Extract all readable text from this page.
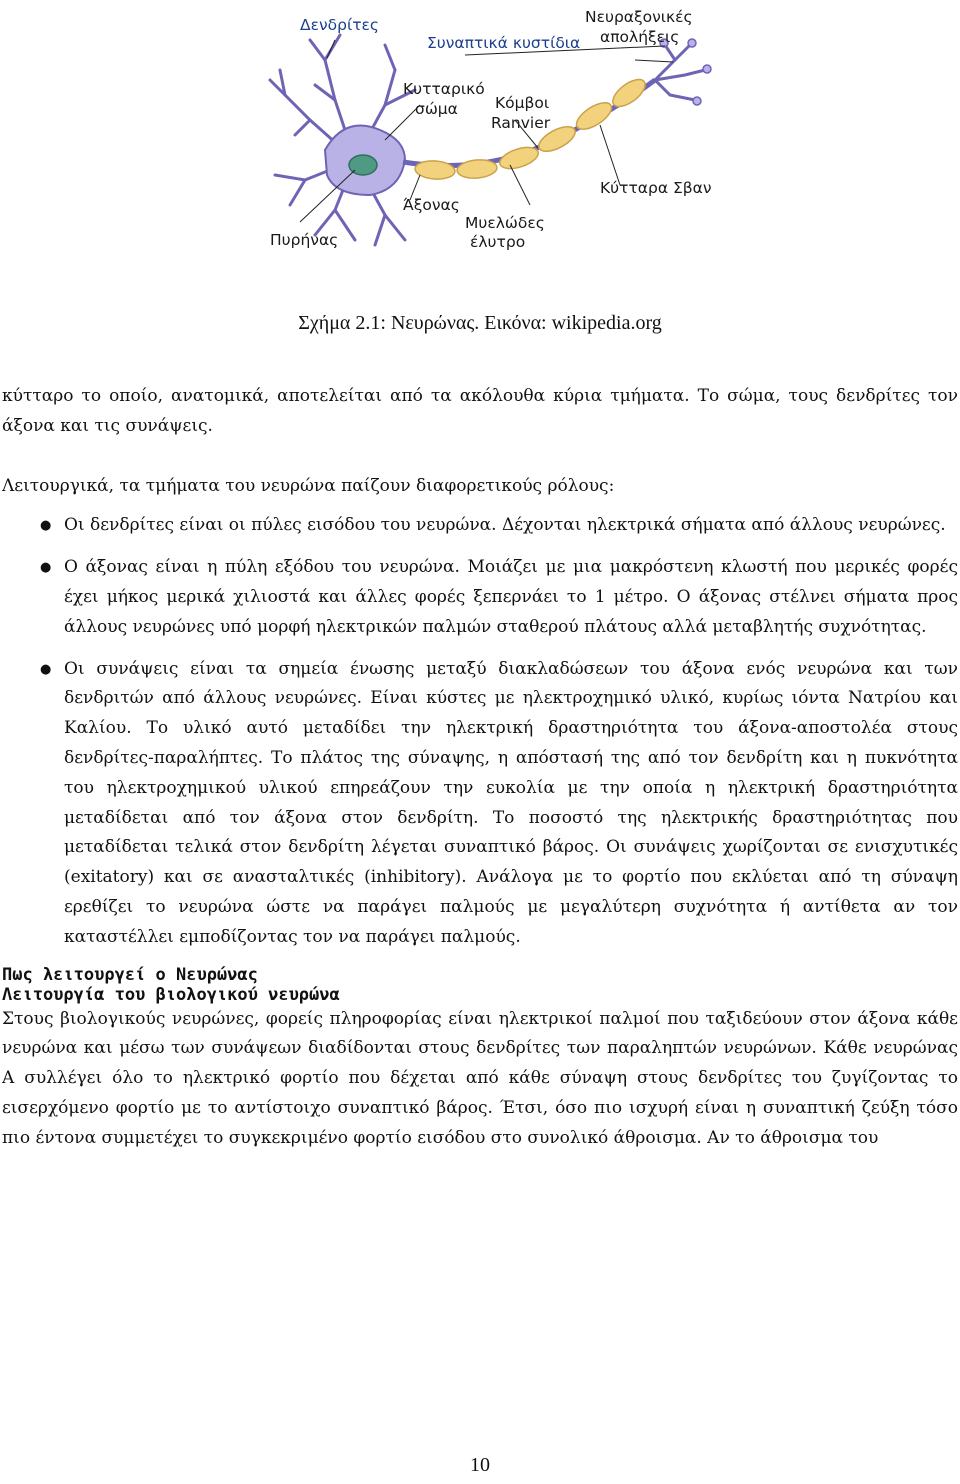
Δενδρίτες
Συναπτικά κυστίδια
Νευραξονικές
απολήξεις
Κυτταρικό
σώμα Κόμβοι
Ranvier
Κύτταρα Σβαν
Άξονας
Μυελώδες
έλυτρο
Πυρήνας
Σχήμα 2.1: Νευρώνας. Εικόνα: wikipedia.org

κύτταρο το οποίο, ανατομικά, αποτελείται από τα ακόλουθα κύρια τμήματα. Το σώμα, τους δενδρίτες τον άξονα και τις συνάψεις.

Λειτουργικά, τα τμήματα του νευρώνα παίζουν διαφορετικούς ρόλους:

● Οι δενδρίτες είναι οι πύλες εισόδου του νευρώνα. Δέχονται ηλεκτρικά σήματα από άλλους νευρώνες.
● Ο άξονας είναι η πύλη εξόδου του νευρώνα. Μοιάζει με μια μακρόστενη κλωστή που μερικές φορές έχει μήκος μερικά χιλιοστά και άλλες φορές ξεπερνάει το 1 μέτρο. Ο άξονας στέλνει σήματα προς άλλους νευρώνες υπό μορφή ηλεκτρικών παλμών σταθερού πλάτους αλλά μεταβλητής συχνότητας.
● Οι συνάψεις είναι τα σημεία ένωσης μεταξύ διακλαδώσεων του άξονα ενός νευρώνα και των δενδριτών από άλλους νευρώνες. Είναι κύστες με ηλεκτροχημικό υλικό, κυρίως ιόντα Νατρίου και Καλίου. Το υλικό αυτό μεταδίδει την ηλεκτρική δραστηριότητα του άξονα-αποστολέα στους δενδρίτες-παραλήπτες. Το πλάτος της σύναψης, η απόστασή της από τον δενδρίτη και η πυκνότητα του ηλεκτροχημικού υλικού επηρεάζουν την ευκολία με την οποία η ηλεκτρική δραστηριότητα μεταδίδεται από τον άξονα στον δενδρίτη. Το ποσοστό της ηλεκτρικής δραστηριότητας που μεταδίδεται τελικά στον δενδρίτη λέγεται συναπτικό βάρος. Οι συνάψεις χωρίζονται σε ενισχυτικές (exitatory) και σε ανασταλτικές (inhibitory). Ανάλογα με το φορτίο που εκλύεται από τη σύναψη ερεθίζει το νευρώνα ώστε να παράγει παλμούς με μεγαλύτερη συχνότητα ή αντίθετα αν τον καταστέλλει εμποδίζοντας τον να παράγει παλμούς.
Πως λειτουργεί ο Νευρώνας
Λειτουργία του βιολογικού νευρώνα

Στους βιολογικούς νευρώνες, φορείς πληροφορίας είναι ηλεκτρικοί παλμοί που ταξιδεύουν στον άξονα κάθε νευρώνα και μέσω των συνάψεων διαδίδονται στους δενδρίτες των παραληπτών νευρώνων. Κάθε νευρώνας Α συλλέγει όλο το ηλεκτρικό φορτίο που δέχεται από κάθε σύναψη στους δενδρίτες του ζυγίζοντας το εισερχόμενο φορτίο με το αντίστοιχο συναπτικό βάρος. Έτσι, όσο πιο ισχυρή είναι η συναπτική ζεύξη τόσο πιο έντονα συμμετέχει το συγκεκριμένο φορτίο εισόδου στο συνολικό άθροισμα. Αν το άθροισμα του

10
